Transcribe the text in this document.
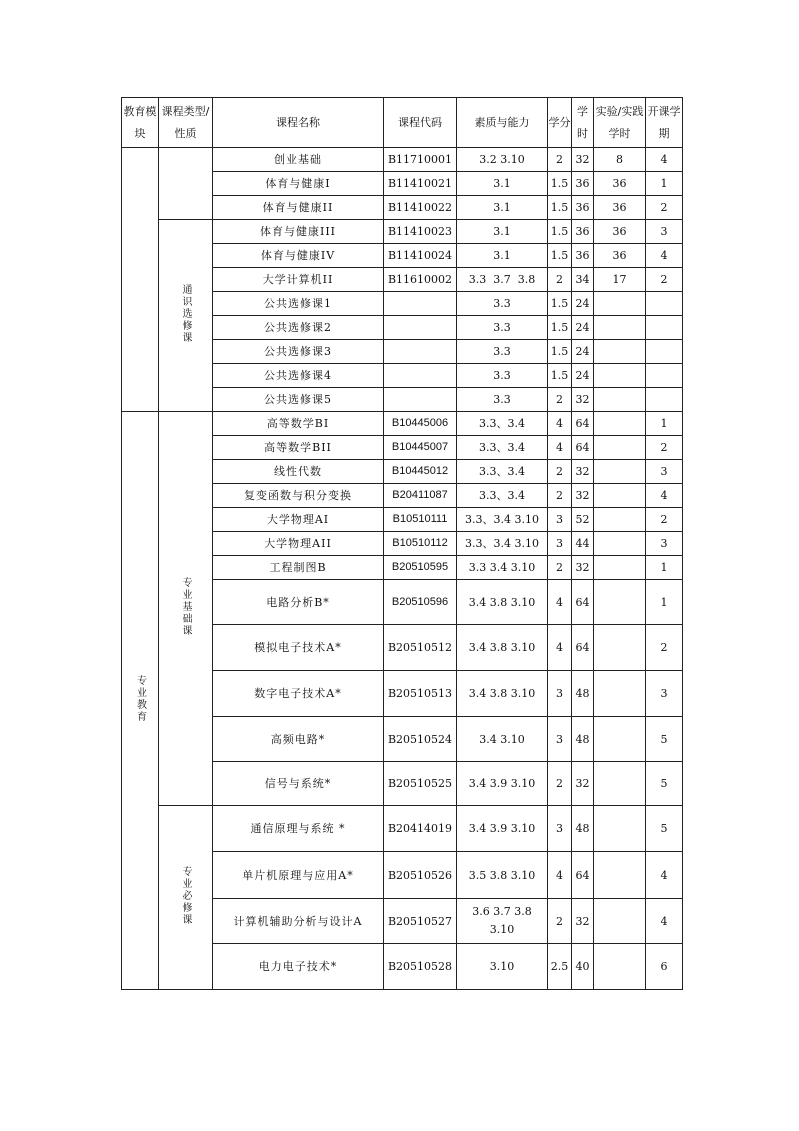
教育模块	课程类型/性质	课程名称	课程代码	素质与能力	学分	学时	实验/实践学时	开课学期
		创业基础	B11710001	3.2 3.10	2	32	8	4
		体育与健康I	B11410021	3.1	1.5	36	36	1
		体育与健康II	B11410022	3.1	1.5	36	36	2
	通识选修课	体育与健康III	B11410023	3.1	1.5	36	36	3
		体育与健康IV	B11410024	3.1	1.5	36	36	4
		大学计算机II	B11610002	3.3  3.7  3.8	2	34	17	2
		公共选修课1		3.3	1.5	24		
		公共选修课2		3.3	1.5	24		
		公共选修课3		3.3	1.5	24		
		公共选修课4		3.3	1.5	24		
		公共选修课5		3.3	2	32		
专业教育	专业基础课	高等数学BI	B10445006	3.3、3.4	4	64		1
		高等数学BII	B10445007	3.3、3.4	4	64		2
		线性代数	B10445012	3.3、3.4	2	32		3
		复变函数与积分变换	B20411087	3.3、3.4	2	32		4
		大学物理AI	B10510111	3.3、3.4 3.10	3	52		2
		大学物理AII	B10510112	3.3、3.4 3.10	3	44		3
		工程制图B	B20510595	3.3 3.4 3.10	2	32		1
		电路分析B*	B20510596	3.4 3.8 3.10	4	64		1
		模拟电子技术A*	B20510512	3.4 3.8 3.10	4	64		2
		数字电子技术A*	B20510513	3.4 3.8 3.10	3	48		3
		高频电路*	B20510524	3.4 3.10	3	48		5
		信号与系统*	B20510525	3.4 3.9 3.10	2	32		5
	专业必修课	通信原理与系统 *	B20414019	3.4 3.9 3.10	3	48		5
		单片机原理与应用A*	B20510526	3.5 3.8 3.10	4	64		4
		计算机辅助分析与设计A	B20510527	3.6 3.7 3.8 3.10	2	32		4
		电力电子技术*	B20510528	3.10	2.5	40		6
